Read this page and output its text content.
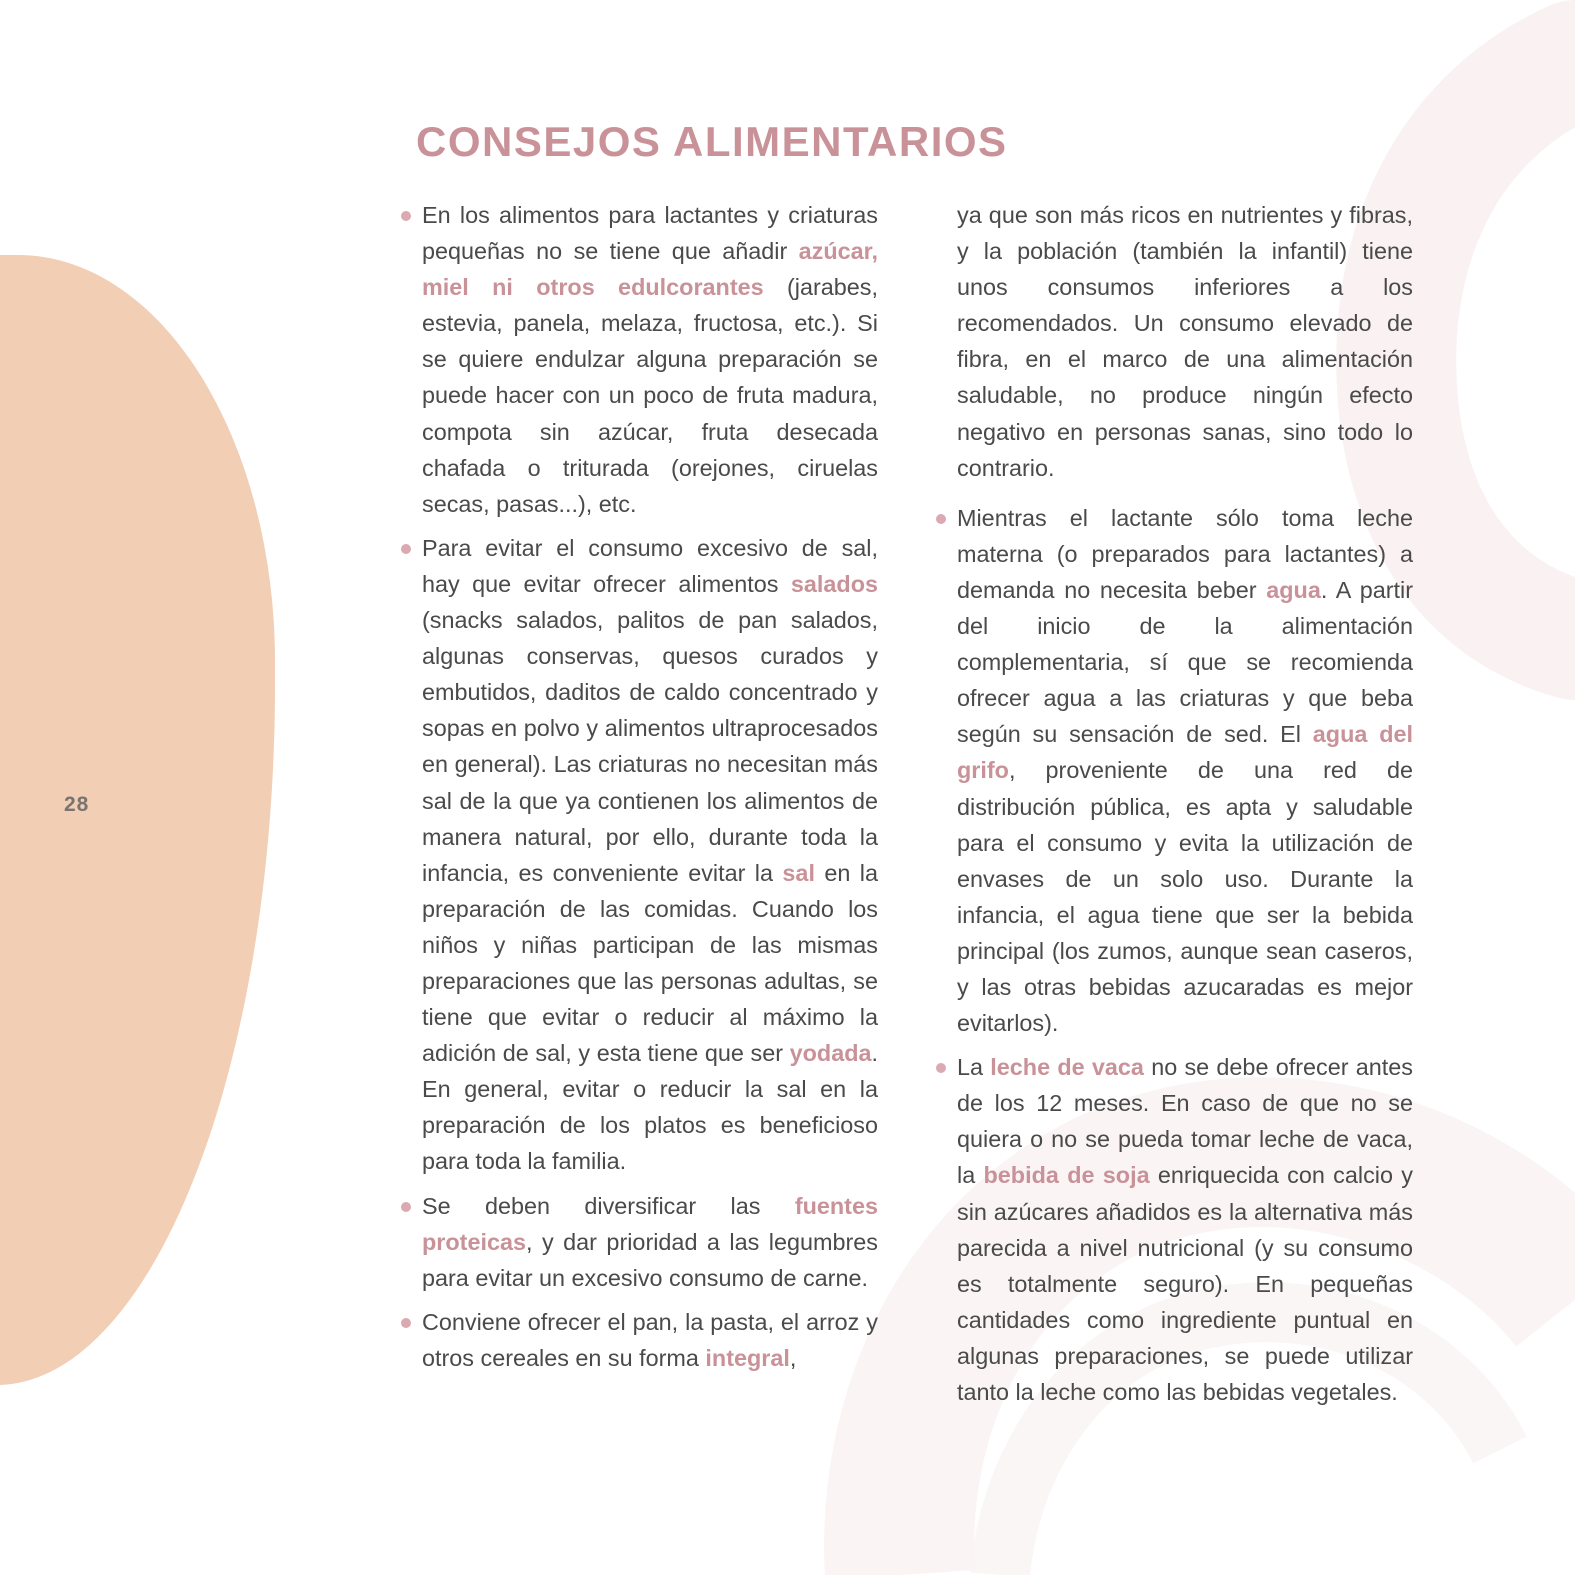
28
CONSEJOS ALIMENTARIOS

En los alimentos para lactantes y criaturas pequeñas no se tiene que añadir azúcar, miel ni otros edulcorantes (jarabes, estevia, panela, melaza, fructosa, etc.). Si se quiere endulzar alguna preparación se puede hacer con un poco de fruta madura, compota sin azúcar, fruta desecada chafada o triturada (orejones, ciruelas secas, pasas...), etc.

Para evitar el consumo excesivo de sal, hay que evitar ofrecer alimentos salados (snacks salados, palitos de pan salados, algunas conservas, quesos curados y embutidos, daditos de caldo concentrado y sopas en polvo y alimentos ultraprocesados en general). Las criaturas no necesitan más sal de la que ya contienen los alimentos de manera natural, por ello, durante toda la infancia, es conveniente evitar la sal en la preparación de las comidas. Cuando los niños y niñas participan de las mismas preparaciones que las personas adultas, se tiene que evitar o reducir al máximo la adición de sal, y esta tiene que ser yodada. En general, evitar o reducir la sal en la preparación de los platos es beneficioso para toda la familia.

Se deben diversificar las fuentes proteicas, y dar prioridad a las legumbres para evitar un excesivo consumo de carne.

Conviene ofrecer el pan, la pasta, el arroz y otros cereales en su forma integral,

ya que son más ricos en nutrientes y fibras, y la población (también la infantil) tiene unos consumos inferiores a los recomendados. Un consumo elevado de fibra, en el marco de una alimentación saludable, no produce ningún efecto negativo en personas sanas, sino todo lo contrario.

Mientras el lactante sólo toma leche materna (o preparados para lactantes) a demanda no necesita beber agua. A partir del inicio de la alimentación complementaria, sí que se recomienda ofrecer agua a las criaturas y que beba según su sensación de sed. El agua del grifo, proveniente de una red de distribución pública, es apta y saludable para el consumo y evita la utilización de envases de un solo uso. Durante la infancia, el agua tiene que ser la bebida principal (los zumos, aunque sean caseros, y las otras bebidas azucaradas es mejor evitarlos).

La leche de vaca no se debe ofrecer antes de los 12 meses. En caso de que no se quiera o no se pueda tomar leche de vaca, la bebida de soja enriquecida con calcio y sin azúcares añadidos es la alternativa más parecida a nivel nutricional (y su consumo es totalmente seguro). En pequeñas cantidades como ingrediente puntual en algunas preparaciones, se puede utilizar tanto la leche como las bebidas vegetales.
